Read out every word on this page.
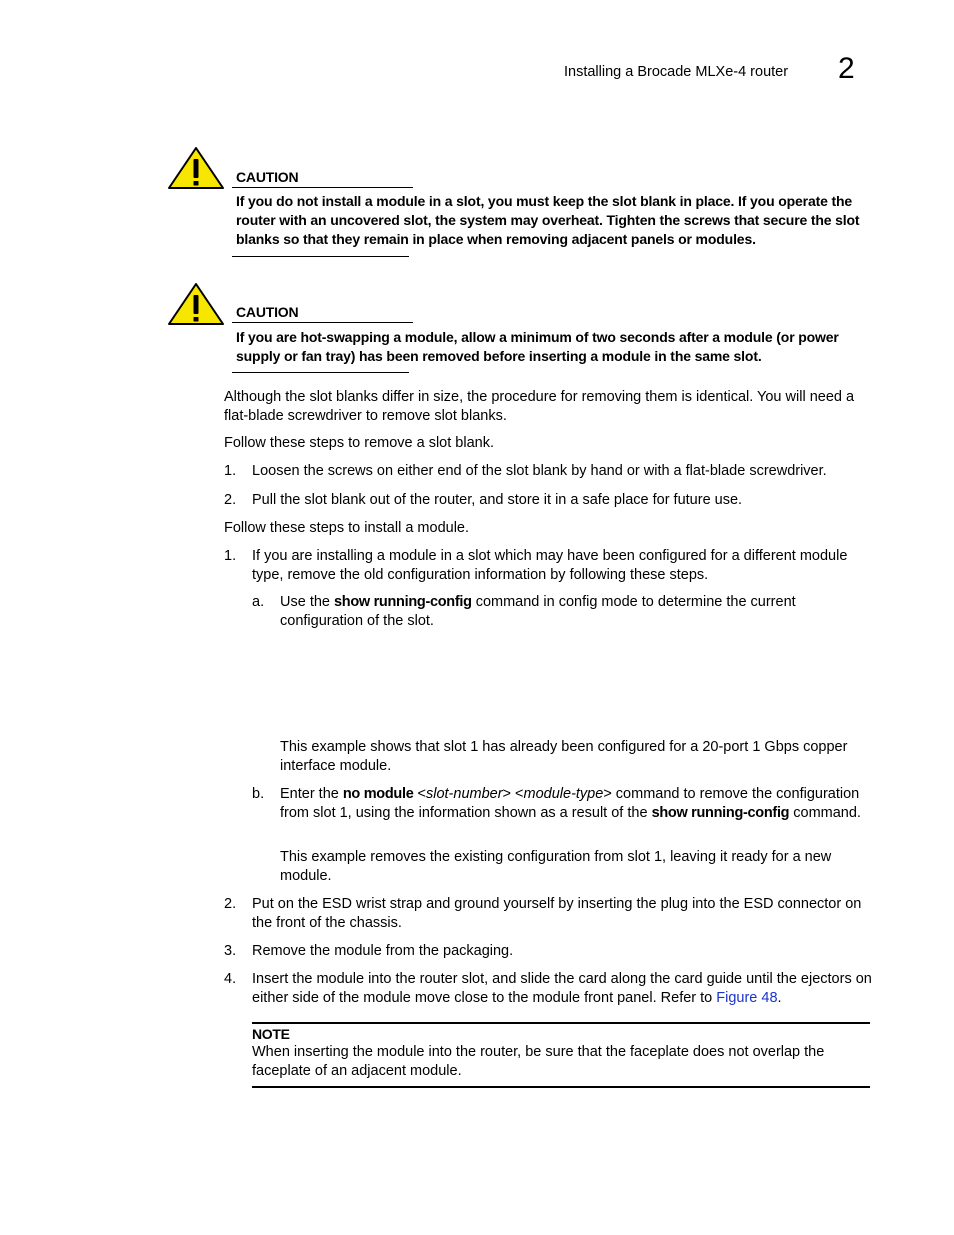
Installing a Brocade MLXe-4 router 2
CAUTION
If you do not install a module in a slot, you must keep the slot blank in place. If you operate the router with an uncovered slot, the system may overheat. Tighten the screws that secure the slot blanks so that they remain in place when removing adjacent panels or modules.
CAUTION
If you are hot-swapping a module, allow a minimum of two seconds after a module (or power supply or fan tray) has been removed before inserting a module in the same slot.
Although the slot blanks differ in size, the procedure for removing them is identical. You will need a flat-blade screwdriver to remove slot blanks.
Follow these steps to remove a slot blank.
1.	Loosen the screws on either end of the slot blank by hand or with a flat-blade screwdriver.
2.	Pull the slot blank out of the router, and store it in a safe place for future use.
Follow these steps to install a module.
1.	If you are installing a module in a slot which may have been configured for a different module type, remove the old configuration information by following these steps.
a.	Use the show running-config command in config mode to determine the current configuration of the slot.
This example shows that slot 1 has already been configured for a 20-port 1 Gbps copper interface module.
b.	Enter the no module <slot-number> <module-type> command to remove the configuration from slot 1, using the information shown as a result of the show running-config command.
This example removes the existing configuration from slot 1, leaving it ready for a new module.
2.	Put on the ESD wrist strap and ground yourself by inserting the plug into the ESD connector on the front of the chassis.
3.	Remove the module from the packaging.
4.	Insert the module into the router slot, and slide the card along the card guide until the ejectors on either side of the module move close to the module front panel. Refer to Figure 48.
NOTE
When inserting the module into the router, be sure that the faceplate does not overlap the faceplate of an adjacent module.
